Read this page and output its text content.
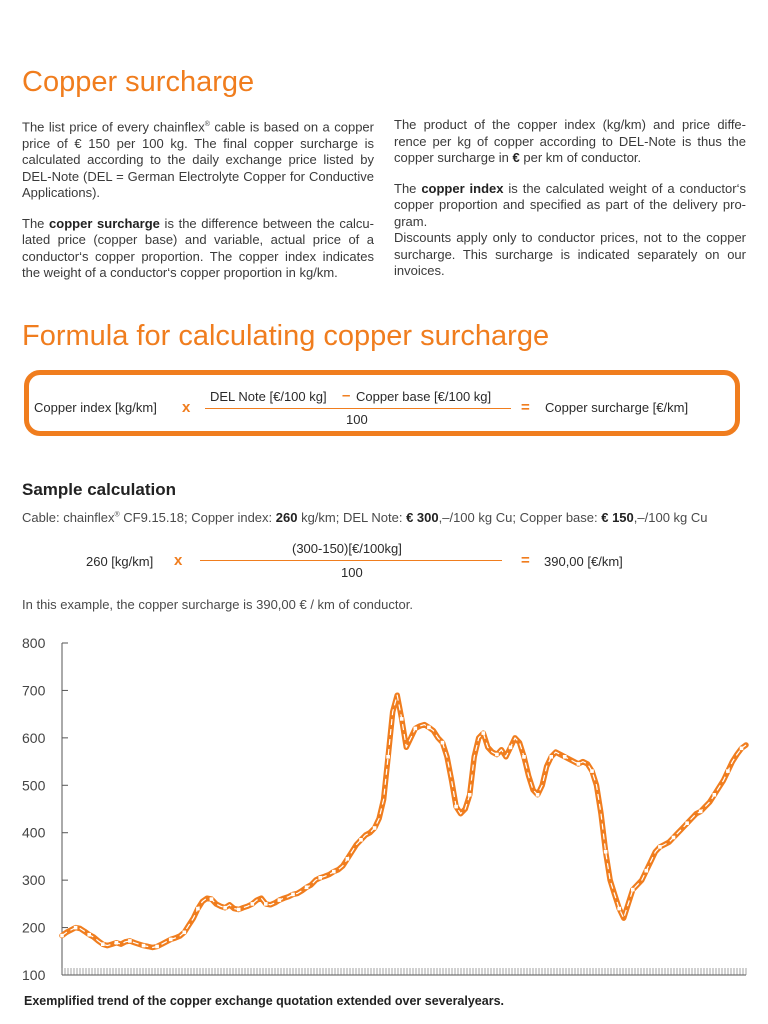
Copper surcharge

The list price of every chainflex® cable is based on a copper price of € 150 per 100 kg. The final copper surcharge is calculated according to the daily exchange price listed by DEL-Note (DEL = German Electrolyte Copper for Conductive Applications).

The copper surcharge is the difference between the calcu-lated price (copper base) and variable, actual price of a conductor‘s copper proportion. The copper index indicates the weight of a conductor‘s copper proportion in kg/km.

The product of the copper index (kg/km) and price diffe-rence per kg of copper according to DEL-Note is thus the copper surcharge in € per km of conductor.

The copper index is the calculated weight of a conductor‘s copper proportion and specified as part of the delivery pro-gram.

Discounts apply only to conductor prices, not to the copper surcharge. This surcharge is indicated separately on our invoices.

Formula for calculating copper surcharge
Copper index [kg/km] x
DEL Note [€/100 kg] – Copper base [€/100 kg]
100
= Copper surcharge [€/km]
Sample calculation
Cable: chainflex® CF9.15.18; Copper index: 260 kg/km; DEL Note: € 300,–/100 kg Cu; Copper base: € 150,–/100 kg Cu
260 [kg/km] x
(300-150)[€/100kg]
100
= 390,00 [€/km]
In this example, the copper surcharge is 390,00 € / km of conductor.
800
700
600
500
400
300
200
100
Exemplified trend of the copper exchange quotation extended over severalyears.
